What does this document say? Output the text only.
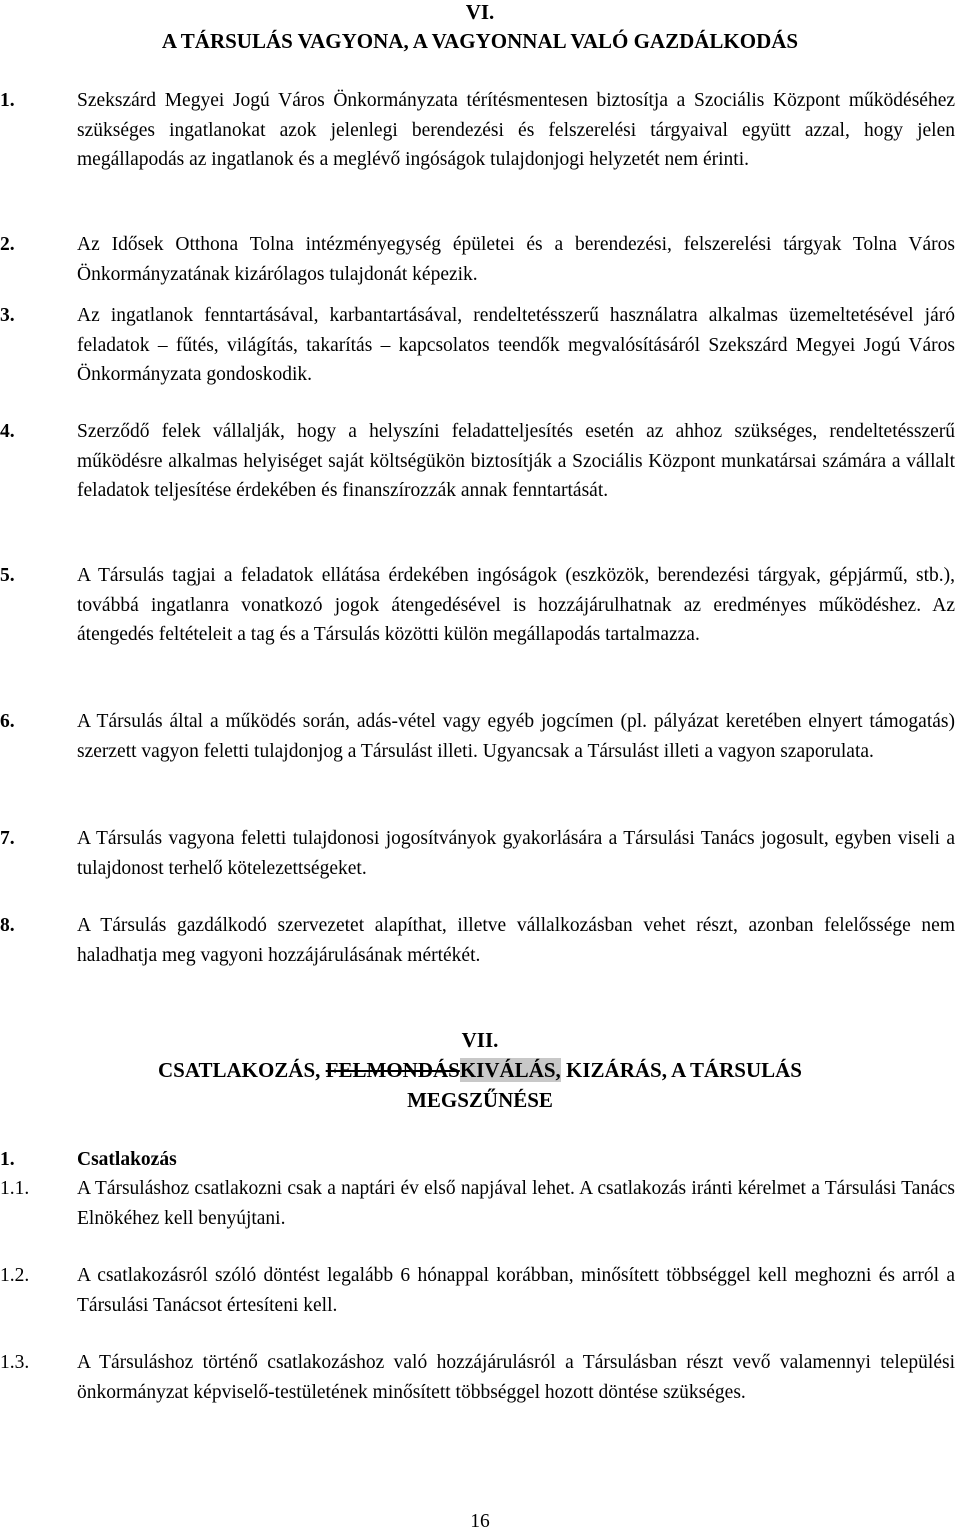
VI.
A TÁRSULÁS VAGYONA, A VAGYONNAL VALÓ GAZDÁLKODÁS
1.	Szekszárd Megyei Jogú Város Önkormányzata térítésmentesen biztosítja a Szociális Központ működéséhez szükséges ingatlanokat azok jelenlegi berendezési és felszerelési tárgyaival együtt azzal, hogy jelen megállapodás az ingatlanok és a meglévő ingóságok tulajdonjogi helyzetét nem érinti.
2.	Az Idősek Otthona Tolna intézményegység épületei és a berendezési, felszerelési tárgyak Tolna Város Önkormányzatának kizárólagos tulajdonát képezik.
3.	Az ingatlanok fenntartásával, karbantartásával, rendeltetésszerű használatra alkalmas üzemeltetésével járó feladatok – fűtés, világítás, takarítás – kapcsolatos teendők megvalósításáról Szekszárd Megyei Jogú Város Önkormányzata gondoskodik.
4.	Szerződő felek vállalják, hogy a helyszíni feladatteljesítés esetén az ahhoz szükséges, rendeltetésszerű működésre alkalmas helyiséget saját költségükön biztosítják a Szociális Központ munkatársai számára a vállalt feladatok teljesítése érdekében és finanszírozzák annak fenntartását.
5.	A Társulás tagjai a feladatok ellátása érdekében ingóságok (eszközök, berendezési tárgyak, gépjármű, stb.), továbbá ingatlanra vonatkozó jogok átengedésével is hozzájárulhatnak az eredményes működéshez. Az átengedés feltételeit a tag és a Társulás közötti külön megállapodás tartalmazza.
6.	A Társulás által a működés során, adás-vétel vagy egyéb jogcímen (pl. pályázat keretében elnyert támogatás) szerzett vagyon feletti tulajdonjog a Társulást illeti. Ugyancsak a Társulást illeti a vagyon szaporulata.
7.	A Társulás vagyona feletti tulajdonosi jogosítványok gyakorlására a Társulási Tanács jogosult, egyben viseli a tulajdonost terhelő kötelezettségeket.
8.	A Társulás gazdálkodó szervezetet alapíthat, illetve vállalkozásban vehet részt, azonban felelőssége nem haladhatja meg vagyoni hozzájárulásának mértékét.
VII.
CSATLAKOZÁS, FELMONDÁSKIVÁLÁS, KIZÁRÁS, A TÁRSULÁS
MEGSZŰNÉSE
1.	Csatlakozás
1.1.	A Társuláshoz csatlakozni csak a naptári év első napjával lehet. A csatlakozás iránti kérelmet a Társulási Tanács Elnökéhez kell benyújtani.
1.2.	A csatlakozásról szóló döntést legalább 6 hónappal korábban, minősített többséggel kell meghozni és arról a Társulási Tanácsot értesíteni kell.
1.3.	A Társuláshoz történő csatlakozáshoz való hozzájárulásról a Társulásban részt vevő valamennyi települési önkormányzat képviselő-testületének minősített többséggel hozott döntése szükséges.
16
